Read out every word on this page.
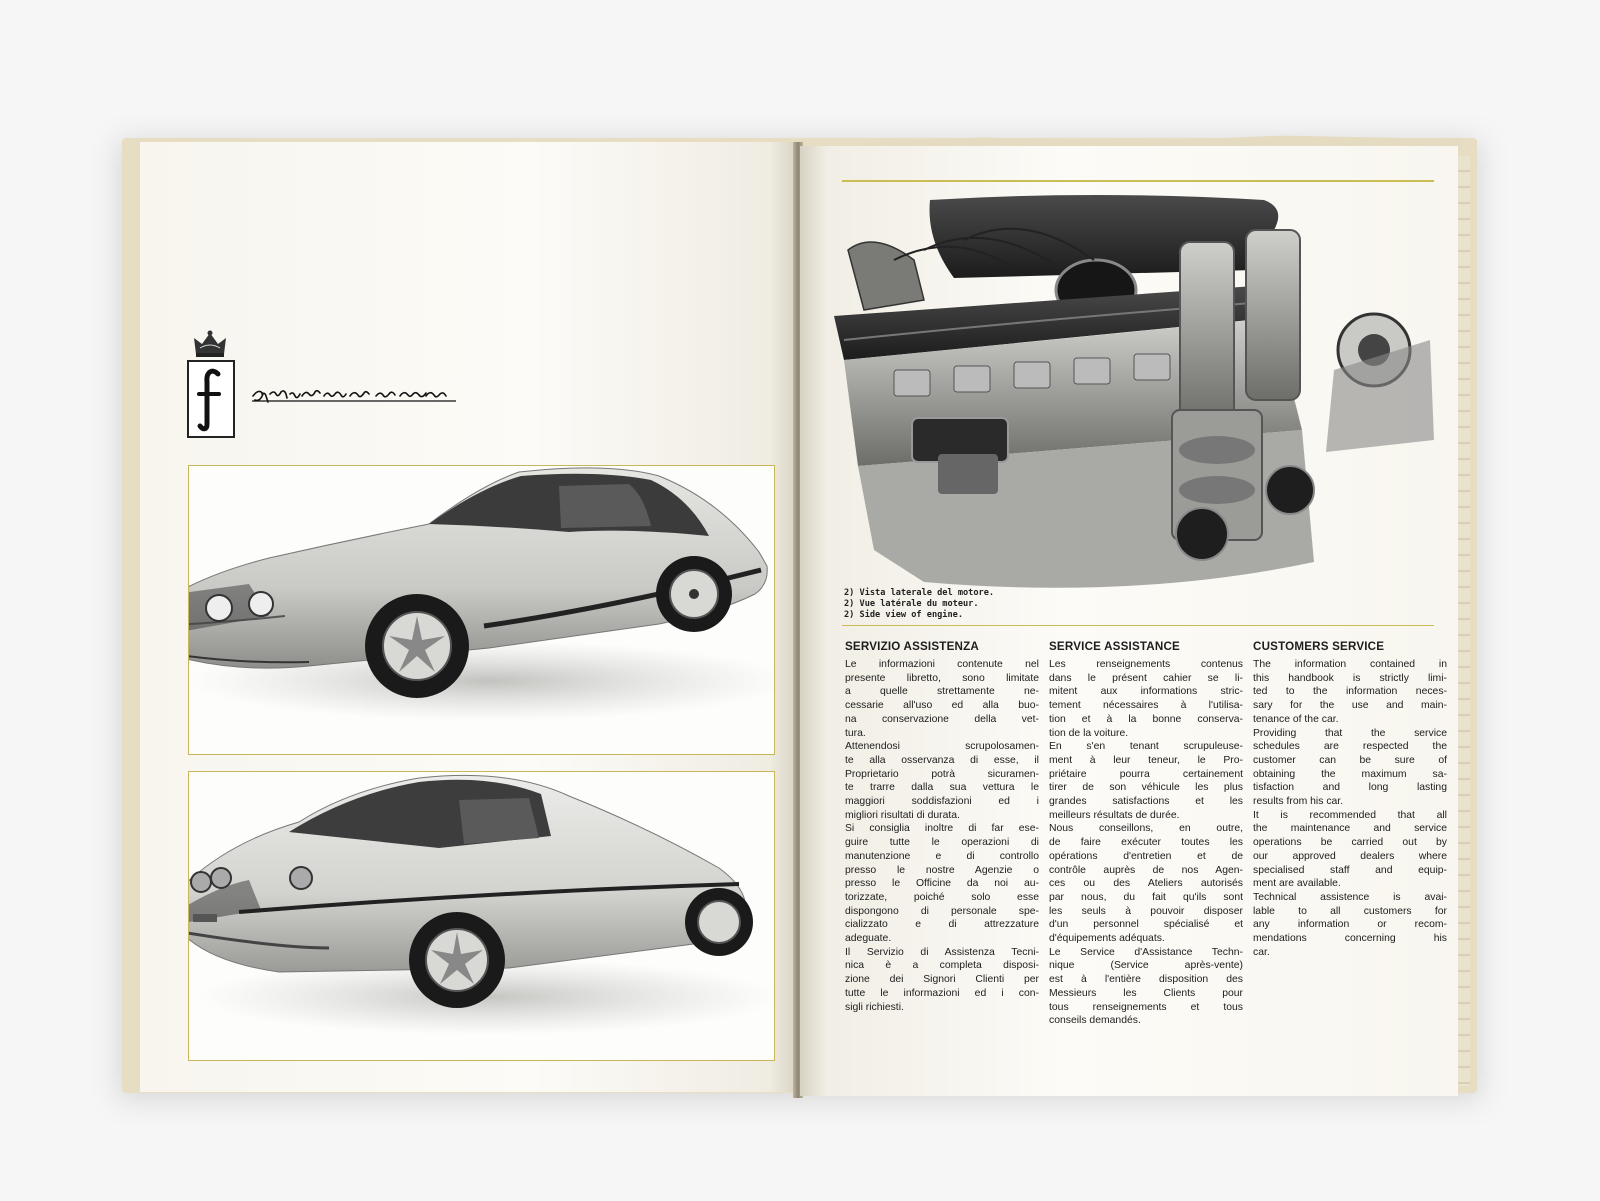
2) Vista laterale del motore.
2) Vue latérale du moteur.
2) Side view of engine.
SERVIZIO ASSISTENZA
Le informazioni contenute nel
presente libretto, sono limitate
a quelle strettamente ne-
cessarie all'uso ed alla buo-
na conservazione della vet-
tura.
Attenendosi scrupolosamen-
te alla osservanza di esse, il
Proprietario potrà sicuramen-
te trarre dalla sua vettura le
maggiori soddisfazioni ed i
migliori risultati di durata.
Si consiglia inoltre di far ese-
guire tutte le operazioni di
manutenzione e di controllo
presso le nostre Agenzie o
presso le Officine da noi au-
torizzate, poiché solo esse
dispongono di personale spe-
cializzato e di attrezzature
adeguate.
Il Servizio di Assistenza Tecni-
nica è a completa disposi-
zione dei Signori Clienti per
tutte le informazioni ed i con-
sigli richiesti.
SERVICE ASSISTANCE
Les renseignements contenus
dans le présent cahier se li-
mitent aux informations stric-
tement nécessaires à l'utilisa-
tion et à la bonne conserva-
tion de la voiture.
En s'en tenant scrupuleuse-
ment à leur teneur, le Pro-
priétaire pourra certainement
tirer de son véhicule les plus
grandes satisfactions et les
meilleurs résultats de durée.
Nous conseillons, en outre,
de faire exécuter toutes les
opérations d'entretien et de
contrôle auprès de nos Agen-
ces ou des Ateliers autorisés
par nous, du fait qu'ils sont
les seuls à pouvoir disposer
d'un personnel spécialisé et
d'équipements adéquats.
Le Service d'Assistance Techn-
nique (Service après-vente)
est à l'entière disposition des
Messieurs les Clients pour
tous renseignements et tous
conseils demandés.
CUSTOMERS SERVICE
The information contained in
this handbook is strictly limi-
ted to the information neces-
sary for the use and main-
tenance of the car.
Providing that the service
schedules are respected the
customer can be sure of
obtaining the maximum sa-
tisfaction and long lasting
results from his car.
It is recommended that all
the maintenance and service
operations be carried out by
our approved dealers where
specialised staff and equip-
ment are available.
Technical assistence is avai-
lable to all customers for
any information or recom-
mendations concerning his
car.
